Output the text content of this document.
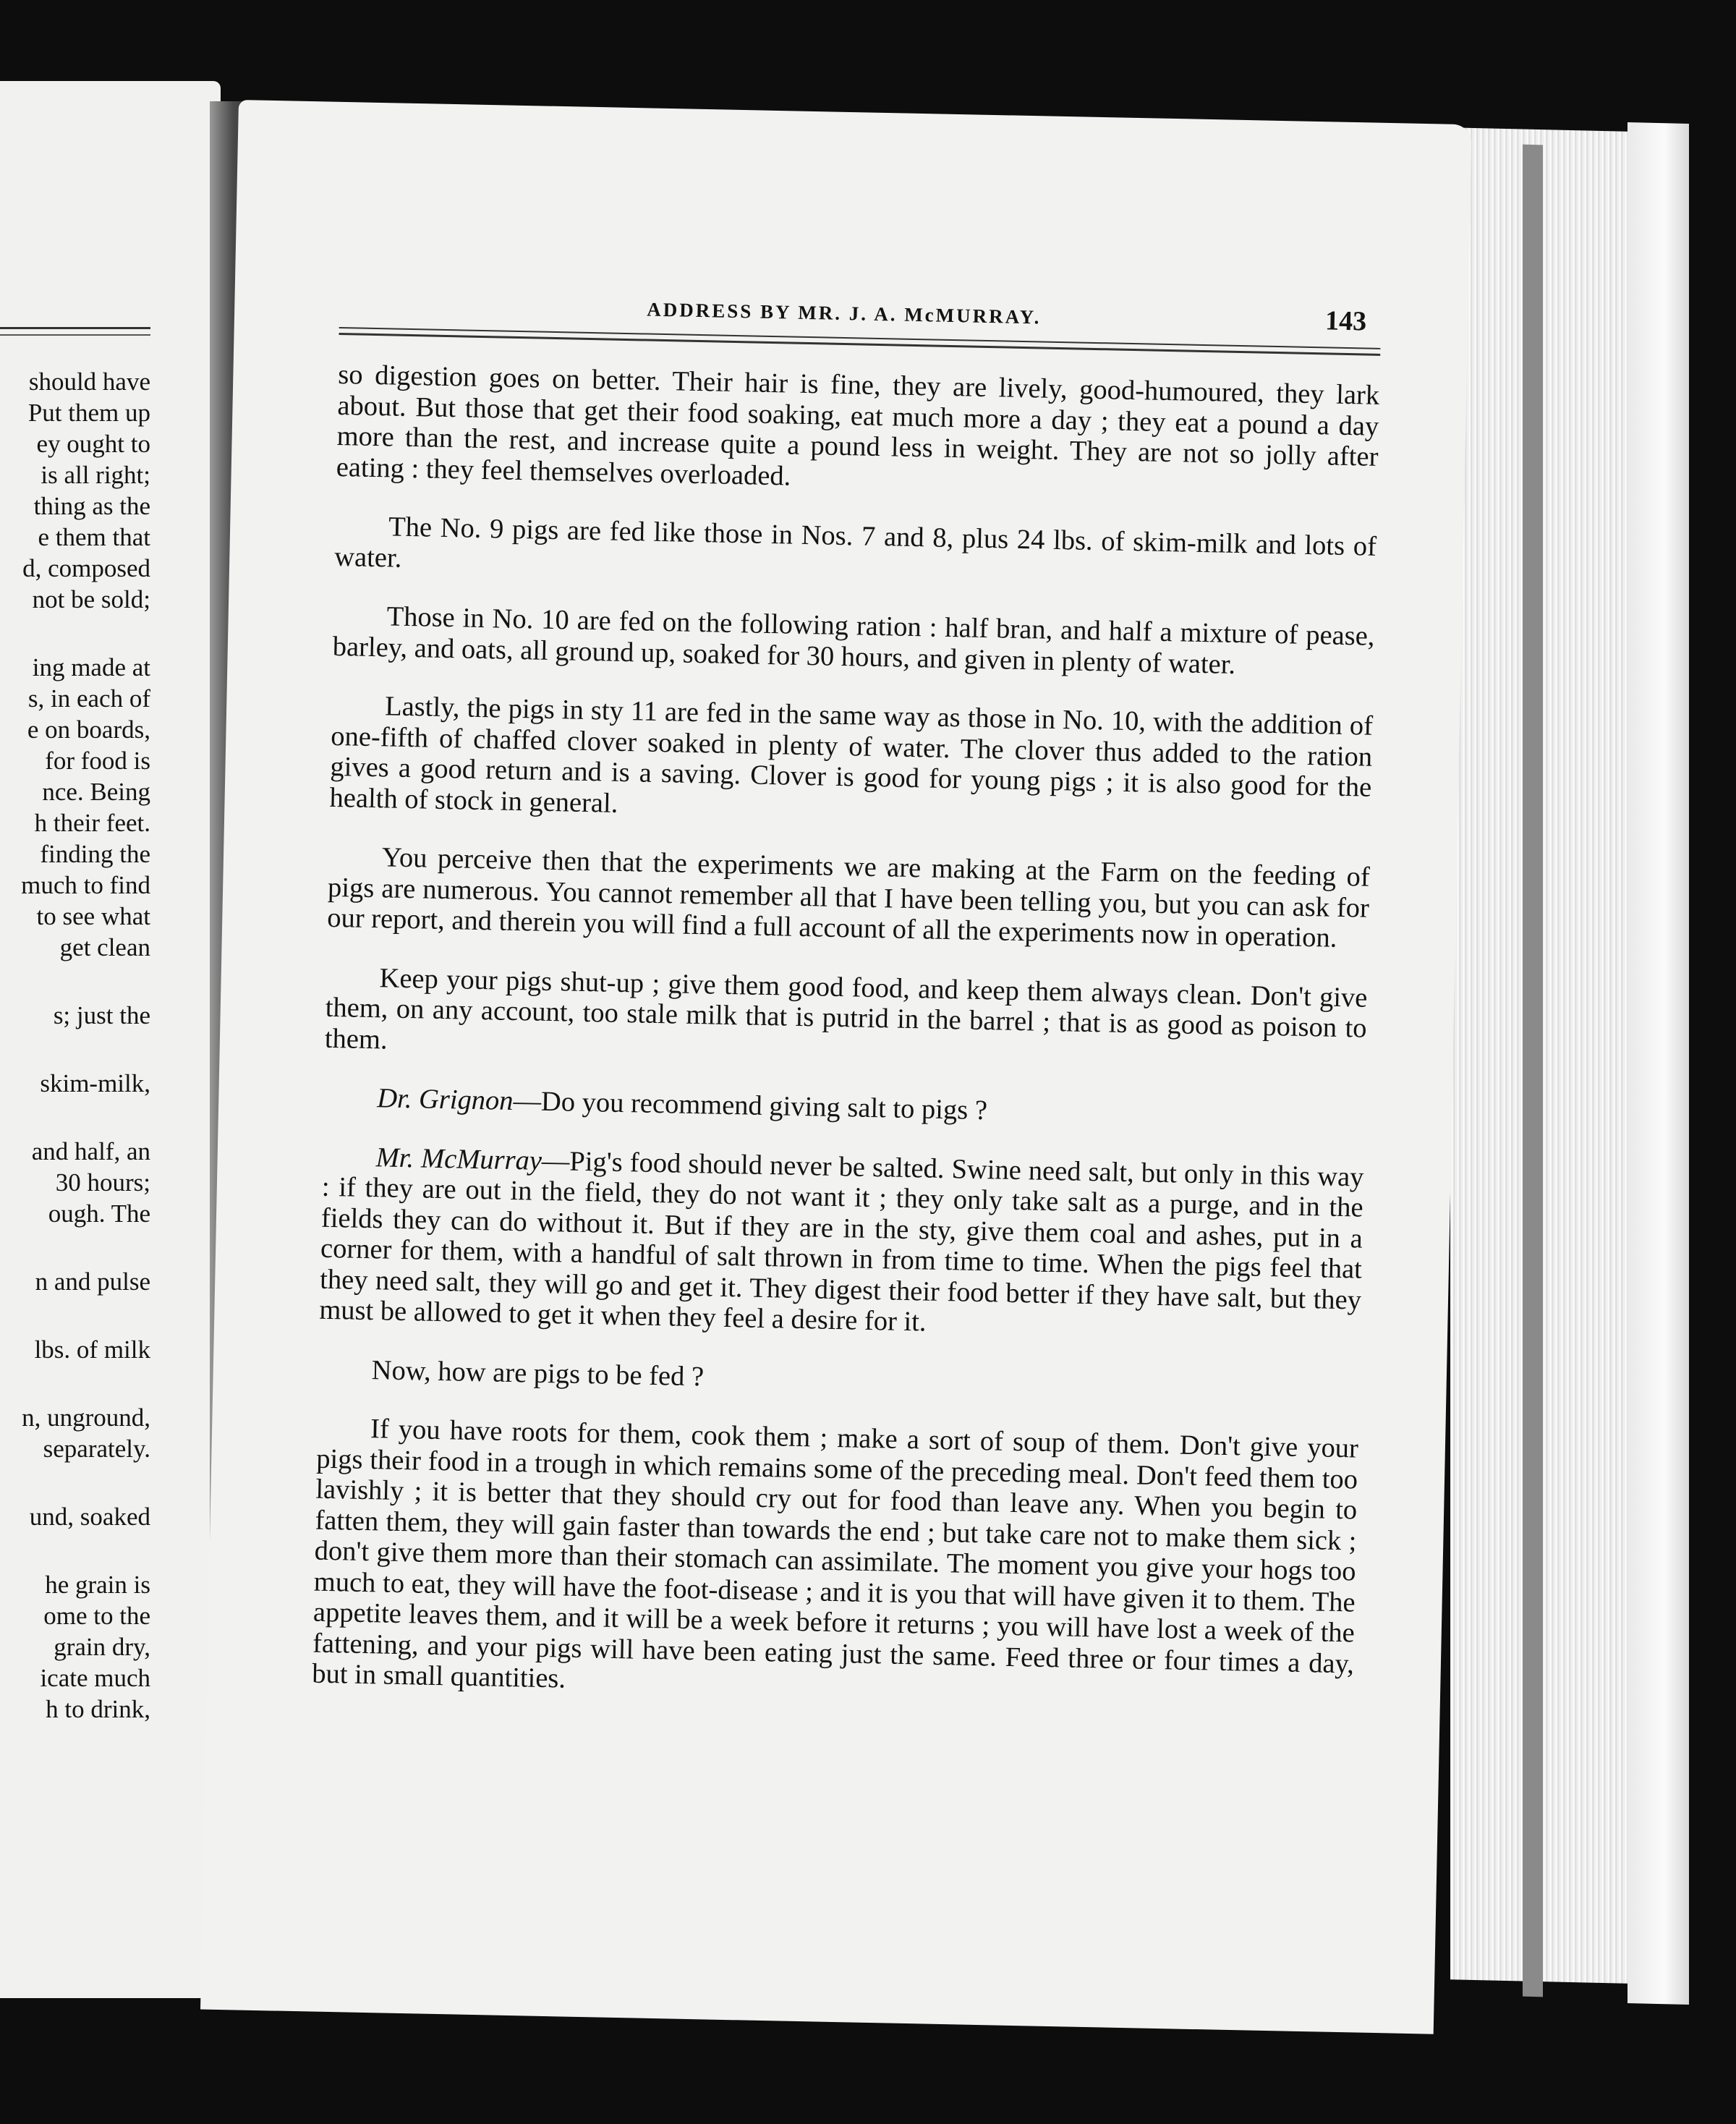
should have
Put them up
ey ought to
is all right;
thing as the
e them that
d, composed
not be sold;
ing made at
s, in each of
e on boards,
for food is
nce. Being
h their feet.
finding the
much to find
to see what
get clean
s; just the
skim-milk,
and half, an
30 hours;
ough. The
n and pulse
lbs. of milk
n, unground,
separately.
und, soaked
he grain is
ome to the
grain dry,
icate much
h to drink,
ADDRESS BY MR. J. A. McMURRAY.	143

so digestion goes on better. Their hair is fine, they are lively, good-humoured, they lark about. But those that get their food soaking, eat much more a day ; they eat a pound a day more than the rest, and increase quite a pound less in weight. They are not so jolly after eating : they feel themselves overloaded.

The No. 9 pigs are fed like those in Nos. 7 and 8, plus 24 lbs. of skim-milk and lots of water.

Those in No. 10 are fed on the following ration : half bran, and half a mixture of pease, barley, and oats, all ground up, soaked for 30 hours, and given in plenty of water.

Lastly, the pigs in sty 11 are fed in the same way as those in No. 10, with the addition of one-fifth of chaffed clover soaked in plenty of water. The clover thus added to the ration gives a good return and is a saving. Clover is good for young pigs ; it is also good for the health of stock in general.

You perceive then that the experiments we are making at the Farm on the feeding of pigs are numerous. You cannot remember all that I have been telling you, but you can ask for our report, and therein you will find a full account of all the experiments now in operation.

Keep your pigs shut-up ; give them good food, and keep them always clean. Don't give them, on any account, too stale milk that is putrid in the barrel ; that is as good as poison to them.

Dr. Grignon—Do you recommend giving salt to pigs ?

Mr. McMurray—Pig's food should never be salted. Swine need salt, but only in this way : if they are out in the field, they do not want it ; they only take salt as a purge, and in the fields they can do without it. But if they are in the sty, give them coal and ashes, put in a corner for them, with a handful of salt thrown in from time to time. When the pigs feel that they need salt, they will go and get it. They digest their food better if they have salt, but they must be allowed to get it when they feel a desire for it.

Now, how are pigs to be fed ?

If you have roots for them, cook them ; make a sort of soup of them. Don't give your pigs their food in a trough in which remains some of the preceding meal. Don't feed them too lavishly ; it is better that they should cry out for food than leave any. When you begin to fatten them, they will gain faster than towards the end ; but take care not to make them sick ; don't give them more than their stomach can assimilate. The moment you give your hogs too much to eat, they will have the foot-disease ; and it is you that will have given it to them. The appetite leaves them, and it will be a week before it returns ; you will have lost a week of the fattening, and your pigs will have been eating just the same. Feed three or four times a day, but in small quantities.
